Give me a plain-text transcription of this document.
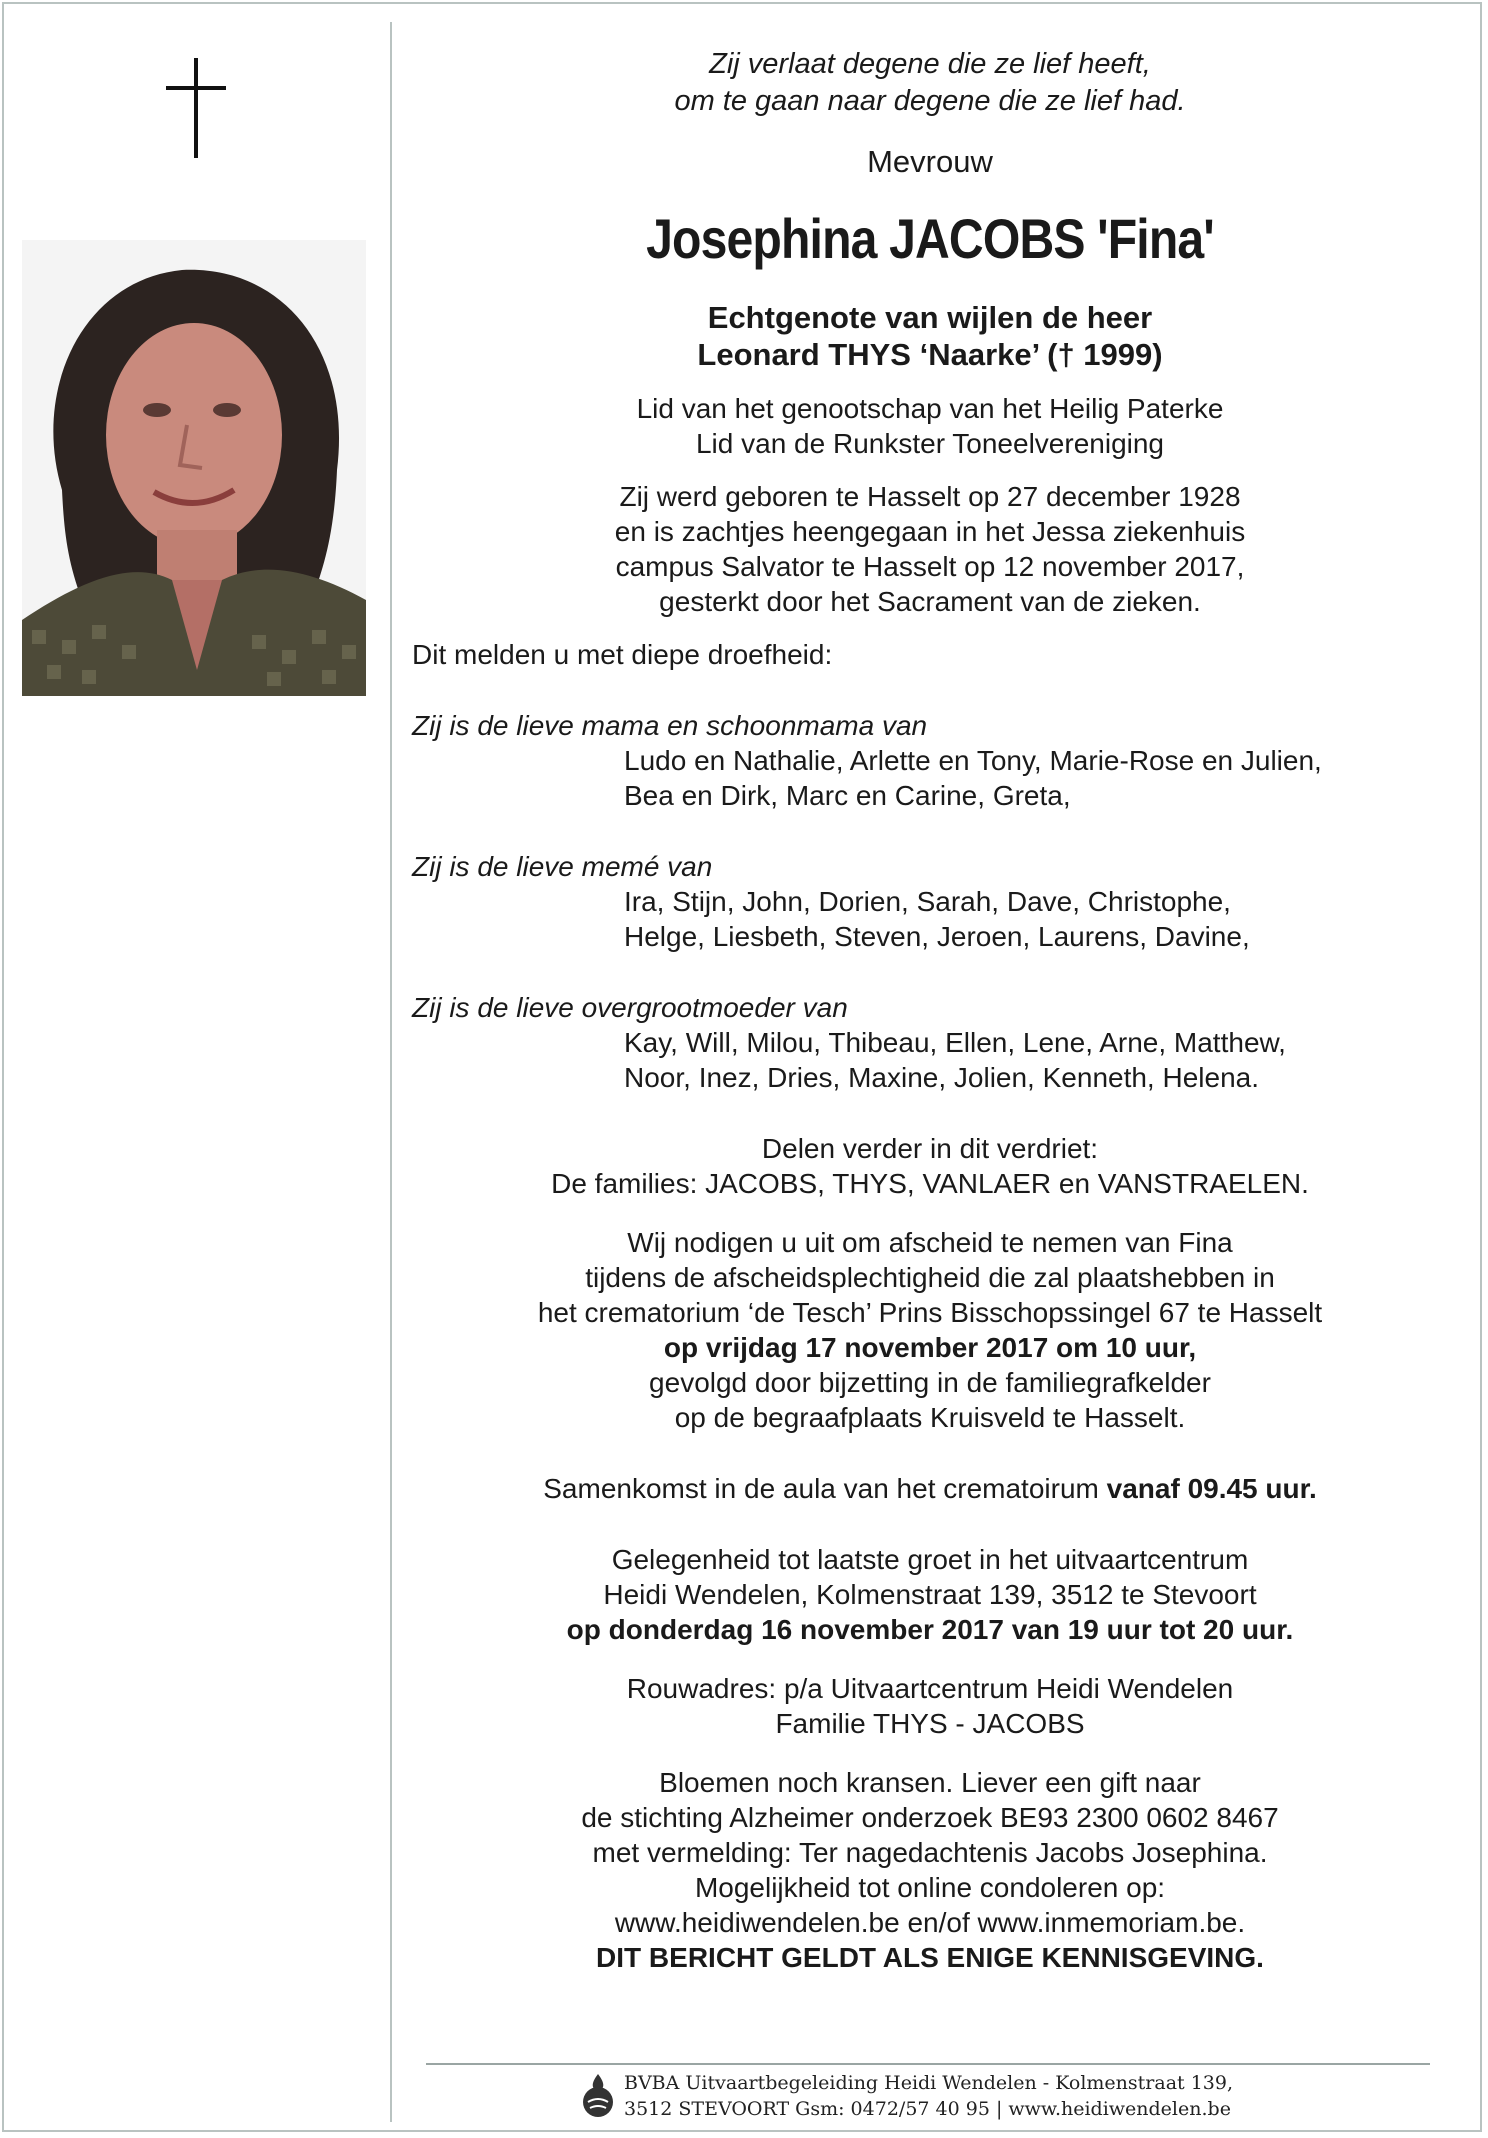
Zij verlaat degene die ze lief heeft,
om te gaan naar degene die ze lief had.
Mevrouw
Josephina JACOBS 'Fina'
Echtgenote van wijlen de heer
Leonard THYS ‘Naarke’ († 1999)
Lid van het genootschap van het Heilig Paterke
Lid van de Runkster Toneelvereniging
Zij werd geboren te Hasselt op 27 december 1928
en is zachtjes heengegaan in het Jessa ziekenhuis
campus Salvator te Hasselt op 12 november 2017,
gesterkt door het Sacrament van de zieken.
Dit melden u met diepe droefheid:
Zij is de lieve mama en schoonmama van
Ludo en Nathalie, Arlette en Tony, Marie-Rose en Julien,
Bea en Dirk, Marc en Carine, Greta,
Zij is de lieve memé van
Ira, Stijn, John, Dorien, Sarah, Dave, Christophe,
Helge, Liesbeth, Steven, Jeroen, Laurens, Davine,
Zij is de lieve overgrootmoeder van
Kay, Will, Milou, Thibeau, Ellen, Lene, Arne, Matthew,
Noor, Inez, Dries, Maxine, Jolien, Kenneth, Helena.
Delen verder in dit verdriet:
De families: JACOBS, THYS, VANLAER en VANSTRAELEN.
Wij nodigen u uit om afscheid te nemen van Fina
tijdens de afscheidsplechtigheid die zal plaatshebben in
het crematorium ‘de Tesch’ Prins Bisschopssingel 67 te Hasselt
op vrijdag 17 november 2017 om 10 uur,
gevolgd door bijzetting in de familiegrafkelder
op de begraafplaats Kruisveld te Hasselt.
Samenkomst in de aula van het crematoirum vanaf 09.45 uur.
Gelegenheid tot laatste groet in het uitvaartcentrum
Heidi Wendelen, Kolmenstraat 139, 3512 te Stevoort
op donderdag 16 november 2017 van 19 uur tot 20 uur.
Rouwadres: p/a Uitvaartcentrum Heidi Wendelen
Familie THYS - JACOBS
Bloemen noch kransen. Liever een gift naar
de stichting Alzheimer onderzoek BE93 2300 0602 8467
met vermelding: Ter nagedachtenis Jacobs Josephina.
Mogelijkheid tot online condoleren op:
www.heidiwendelen.be en/of www.inmemoriam.be.
DIT BERICHT GELDT ALS ENIGE KENNISGEVING.
BVBA Uitvaartbegeleiding Heidi Wendelen - Kolmenstraat 139,
3512 STEVOORT Gsm: 0472/57 40 95 | www.heidiwendelen.be
